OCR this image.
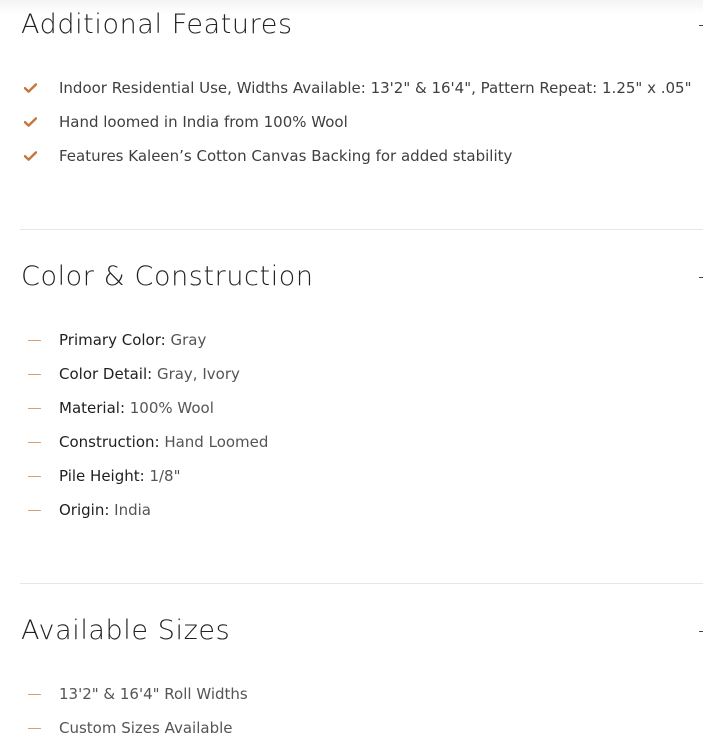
Additional Features
Indoor Residential Use, Widths Available: 13'2" & 16'4", Pattern Repeat: 1.25" x .05"
Hand loomed in India from 100% Wool
Features Kaleen’s Cotton Canvas Backing for added stability
Color & Construction
Primary Color: Gray
Color Detail: Gray, Ivory
Material: 100% Wool
Construction: Hand Loomed
Pile Height: 1/8"
Origin: India
Available Sizes
13'2" & 16'4" Roll Widths
Custom Sizes Available
